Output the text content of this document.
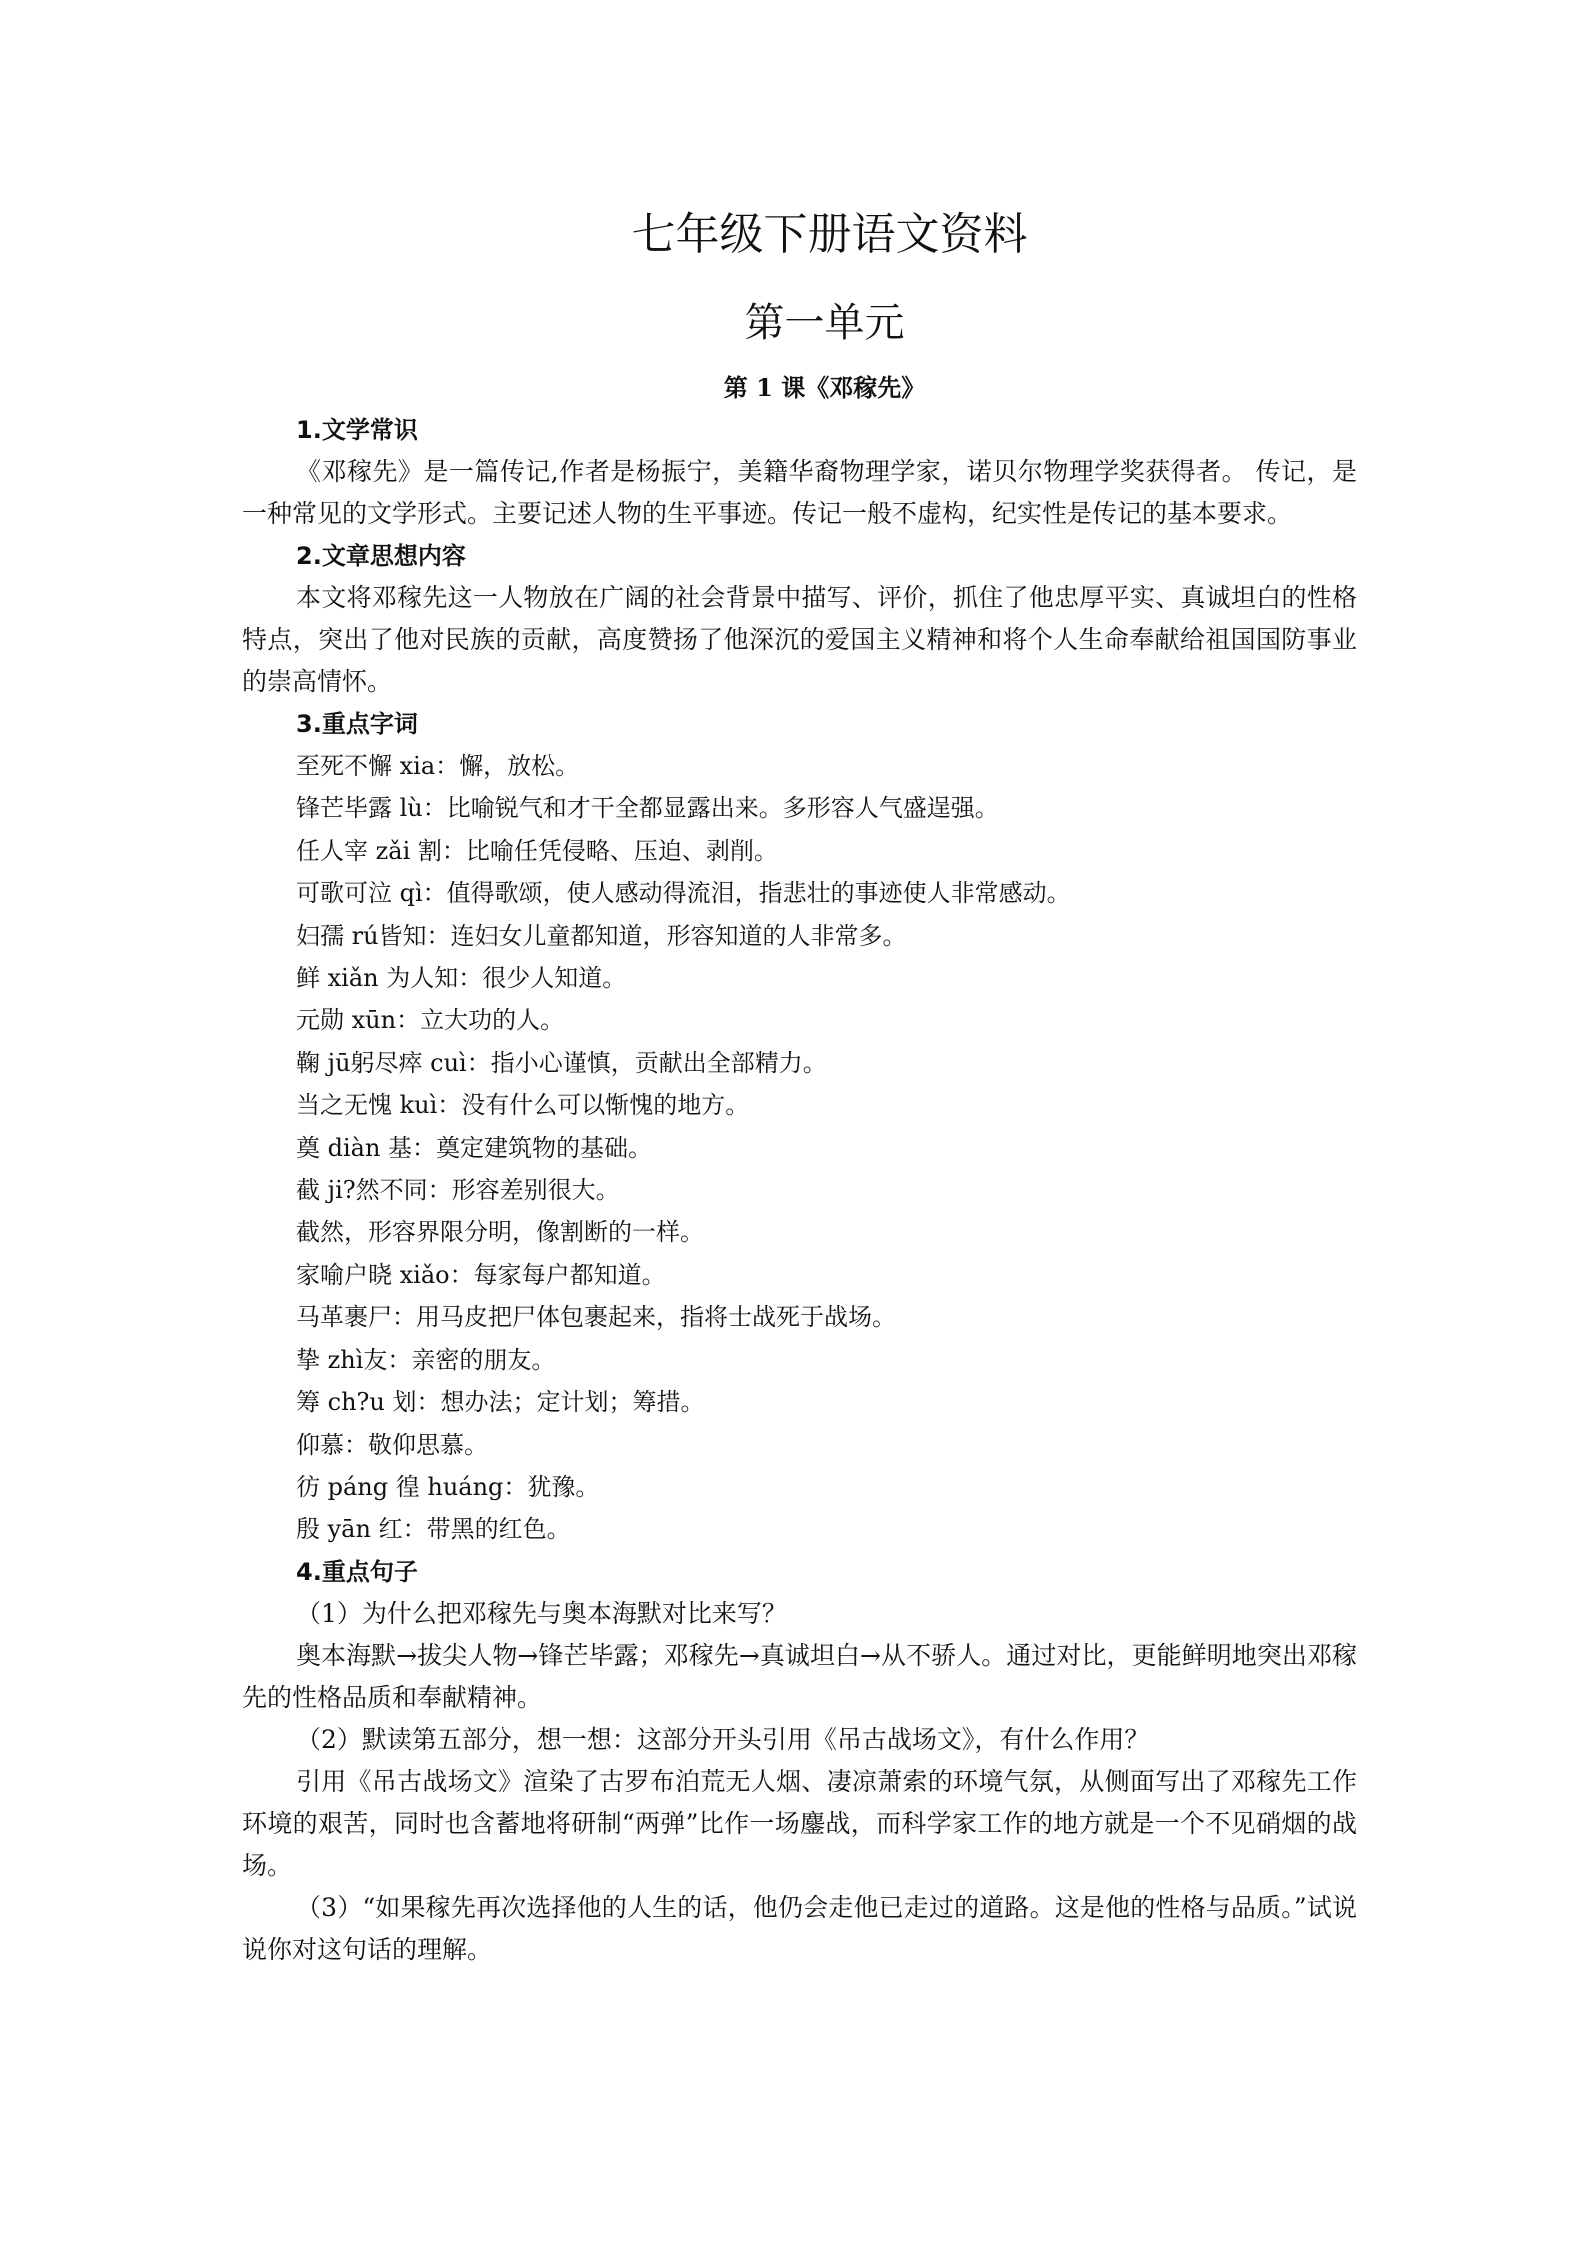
七年级下册语文资料
第一单元
第 1 课《邓稼先》
1.文学常识

《邓稼先》是一篇传记,作者是杨振宁，美籍华裔物理学家，诺贝尔物理学奖获得者。 传记，是一种常见的文学形式。主要记述人物的生平事迹。传记一般不虚构，纪实性是传记的基本要求。

2.文章思想内容

本文将邓稼先这一人物放在广阔的社会背景中描写、评价，抓住了他忠厚平实、真诚坦白的性格特点，突出了他对民族的贡献，高度赞扬了他深沉的爱国主义精神和将个人生命奉献给祖国国防事业的崇高情怀。

3.重点字词
至死不懈 xia：懈，放松。
锋芒毕露 lù：比喻锐气和才干全都显露出来。多形容人气盛逞强。
任人宰 zǎi 割：比喻任凭侵略、压迫、剥削。
可歌可泣 qì：值得歌颂，使人感动得流泪，指悲壮的事迹使人非常感动。
妇孺 rú皆知：连妇女儿童都知道，形容知道的人非常多。
鲜 xiǎn 为人知：很少人知道。
元勋 xūn：立大功的人。
鞠 jū躬尽瘁 cuì：指小心谨慎，贡献出全部精力。
当之无愧 kuì：没有什么可以惭愧的地方。
奠 diàn 基：奠定建筑物的基础。
截 ji?然不同：形容差别很大。
截然，形容界限分明，像割断的一样。
家喻户晓 xiǎo：每家每户都知道。
马革裹尸：用马皮把尸体包裹起来，指将士战死于战场。
挚 zhì友：亲密的朋友。
筹 ch?u 划：想办法；定计划；筹措。
仰慕：敬仰思慕。
彷 páng 徨 huáng：犹豫。
殷 yān 红：带黑的红色。
4.重点句子

（1）为什么把邓稼先与奥本海默对比来写？

奥本海默→拔尖人物→锋芒毕露；邓稼先→真诚坦白→从不骄人。通过对比，更能鲜明地突出邓稼先的性格品质和奉献精神。

（2）默读第五部分，想一想：这部分开头引用《吊古战场文》，有什么作用？

引用《吊古战场文》渲染了古罗布泊荒无人烟、凄凉萧索的环境气氛，从侧面写出了邓稼先工作环境的艰苦，同时也含蓄地将研制“两弹”比作一场鏖战，而科学家工作的地方就是一个不见硝烟的战场。

（3）“如果稼先再次选择他的人生的话，他仍会走他已走过的道路。这是他的性格与品质。”试说说你对这句话的理解。
